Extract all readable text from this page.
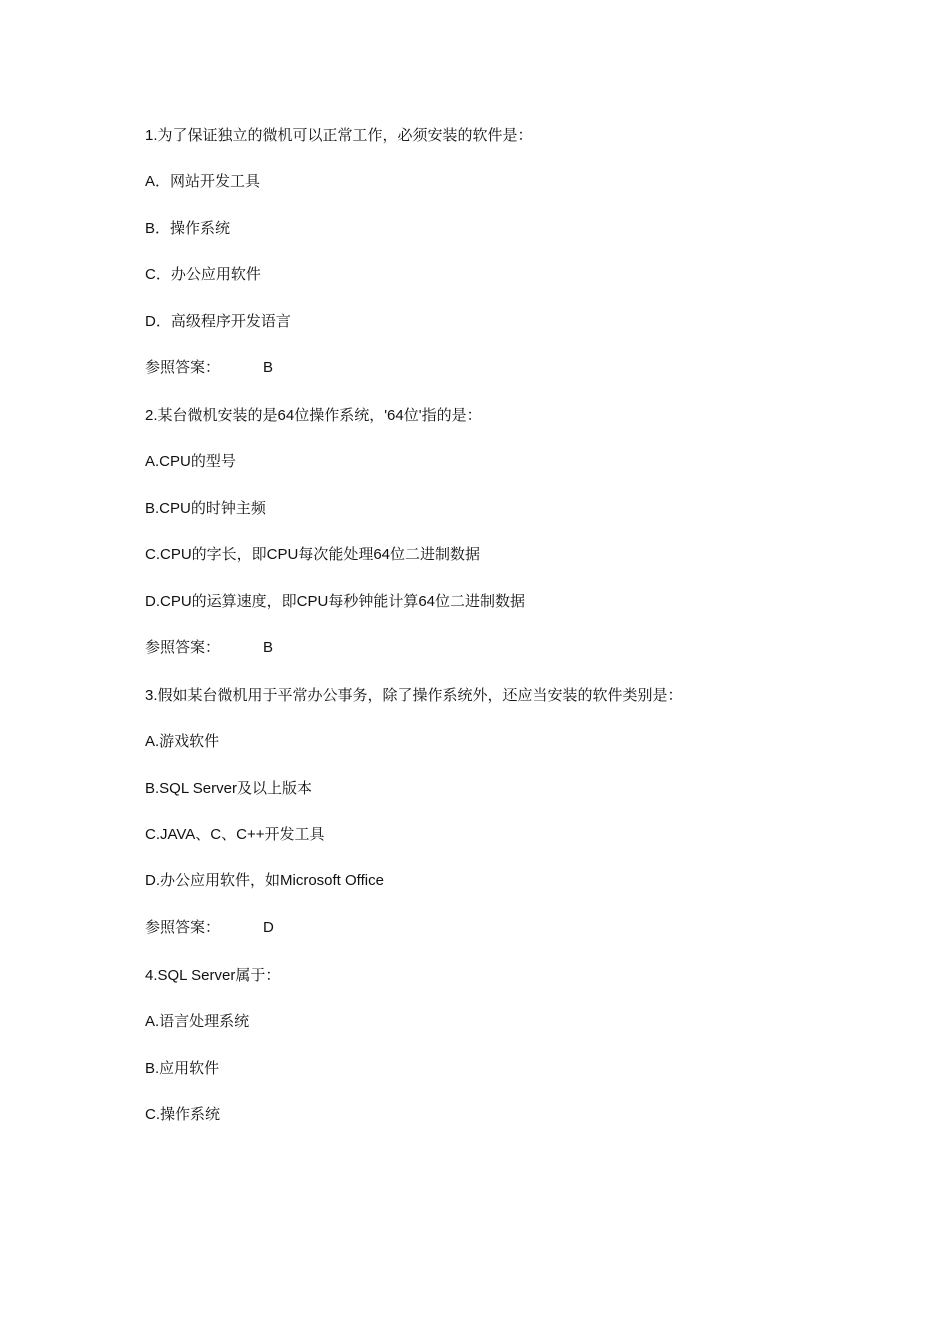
1.为了保证独立的微机可以正常工作，必须安装的软件是：
A．网站开发工具
B．操作系统
C．办公应用软件
D．高级程序开发语言
参照答案：	B
2.某台微机安装的是64位操作系统，'64位'指的是：
A.CPU的型号
B.CPU的时钟主频
C.CPU的字长，即CPU每次能处理64位二进制数据
D.CPU的运算速度，即CPU每秒钟能计算64位二进制数据
参照答案：	B
3.假如某台微机用于平常办公事务，除了操作系统外，还应当安装的软件类别是：
A.游戏软件
B.SQL Server及以上版本
C.JAVA、C、C++开发工具
D.办公应用软件，如Microsoft Office
参照答案：	D
4.SQL Server属于：
A.语言处理系统
B.应用软件
C.操作系统
